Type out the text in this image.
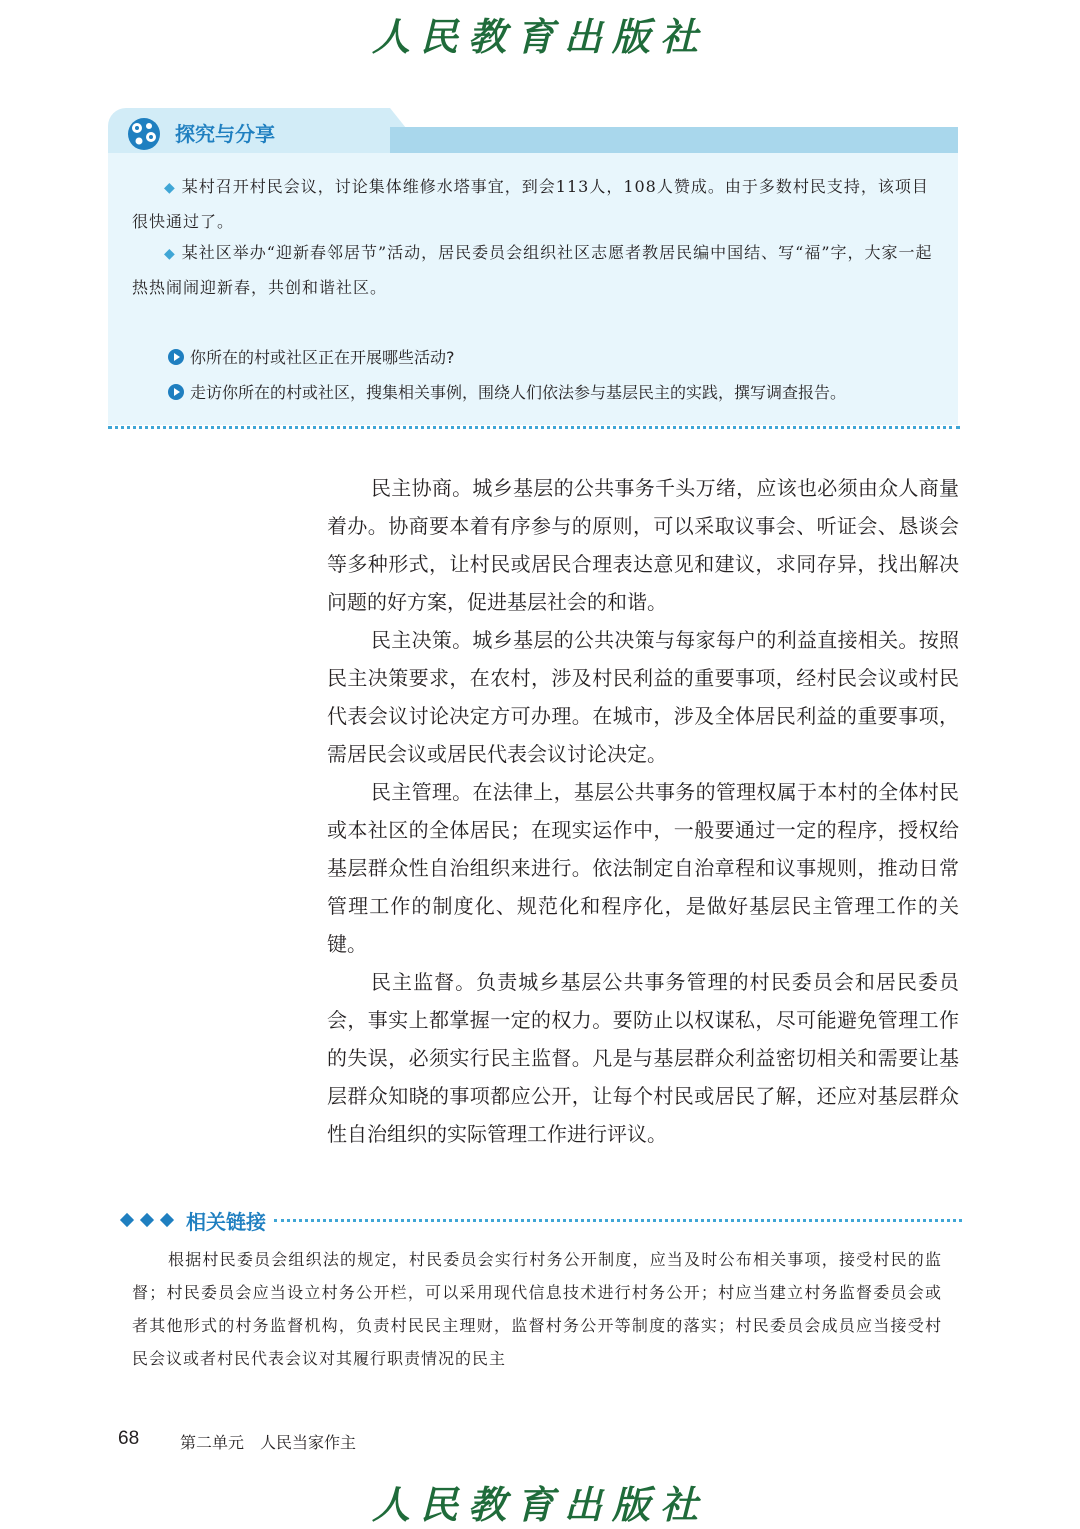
人民教育出版社
探究与分享
◆ 某村召开村民会议，讨论集体维修水塔事宜，到会113人，108人赞成。由于多数村民支持，该项目很快通过了。
◆ 某社区举办“迎新春邻居节”活动，居民委员会组织社区志愿者教居民编中国结、写“福”字，大家一起热热闹闹迎新春，共创和谐社区。
你所在的村或社区正在开展哪些活动?
走访你所在的村或社区，搜集相关事例，围绕人们依法参与基层民主的实践，撰写调查报告。

民主协商。城乡基层的公共事务千头万绪，应该也必须由众人商量着办。协商要本着有序参与的原则，可以采取议事会、听证会、恳谈会等多种形式，让村民或居民合理表达意见和建议，求同存异，找出解决问题的好方案，促进基层社会的和谐。

民主决策。城乡基层的公共决策与每家每户的利益直接相关。按照民主决策要求，在农村，涉及村民利益的重要事项，经村民会议或村民代表会议讨论决定方可办理。在城市，涉及全体居民利益的重要事项，需居民会议或居民代表会议讨论决定。

民主管理。在法律上，基层公共事务的管理权属于本村的全体村民或本社区的全体居民；在现实运作中，一般要通过一定的程序，授权给基层群众性自治组织来进行。依法制定自治章程和议事规则，推动日常管理工作的制度化、规范化和程序化，是做好基层民主管理工作的关键。

民主监督。负责城乡基层公共事务管理的村民委员会和居民委员会，事实上都掌握一定的权力。要防止以权谋私，尽可能避免管理工作的失误，必须实行民主监督。凡是与基层群众利益密切相关和需要让基层群众知晓的事项都应公开，让每个村民或居民了解，还应对基层群众性自治组织的实际管理工作进行评议。

相关链接
根据村民委员会组织法的规定，村民委员会实行村务公开制度，应当及时公布相关事项，接受村民的监督；村民委员会应当设立村务公开栏，可以采用现代信息技术进行村务公开；村应当建立村务监督委员会或者其他形式的村务监督机构，负责村民民主理财，监督村务公开等制度的落实；村民委员会成员应当接受村民会议或者村民代表会议对其履行职责情况的民主
68	第二单元　人民当家作主
人民教育出版社
